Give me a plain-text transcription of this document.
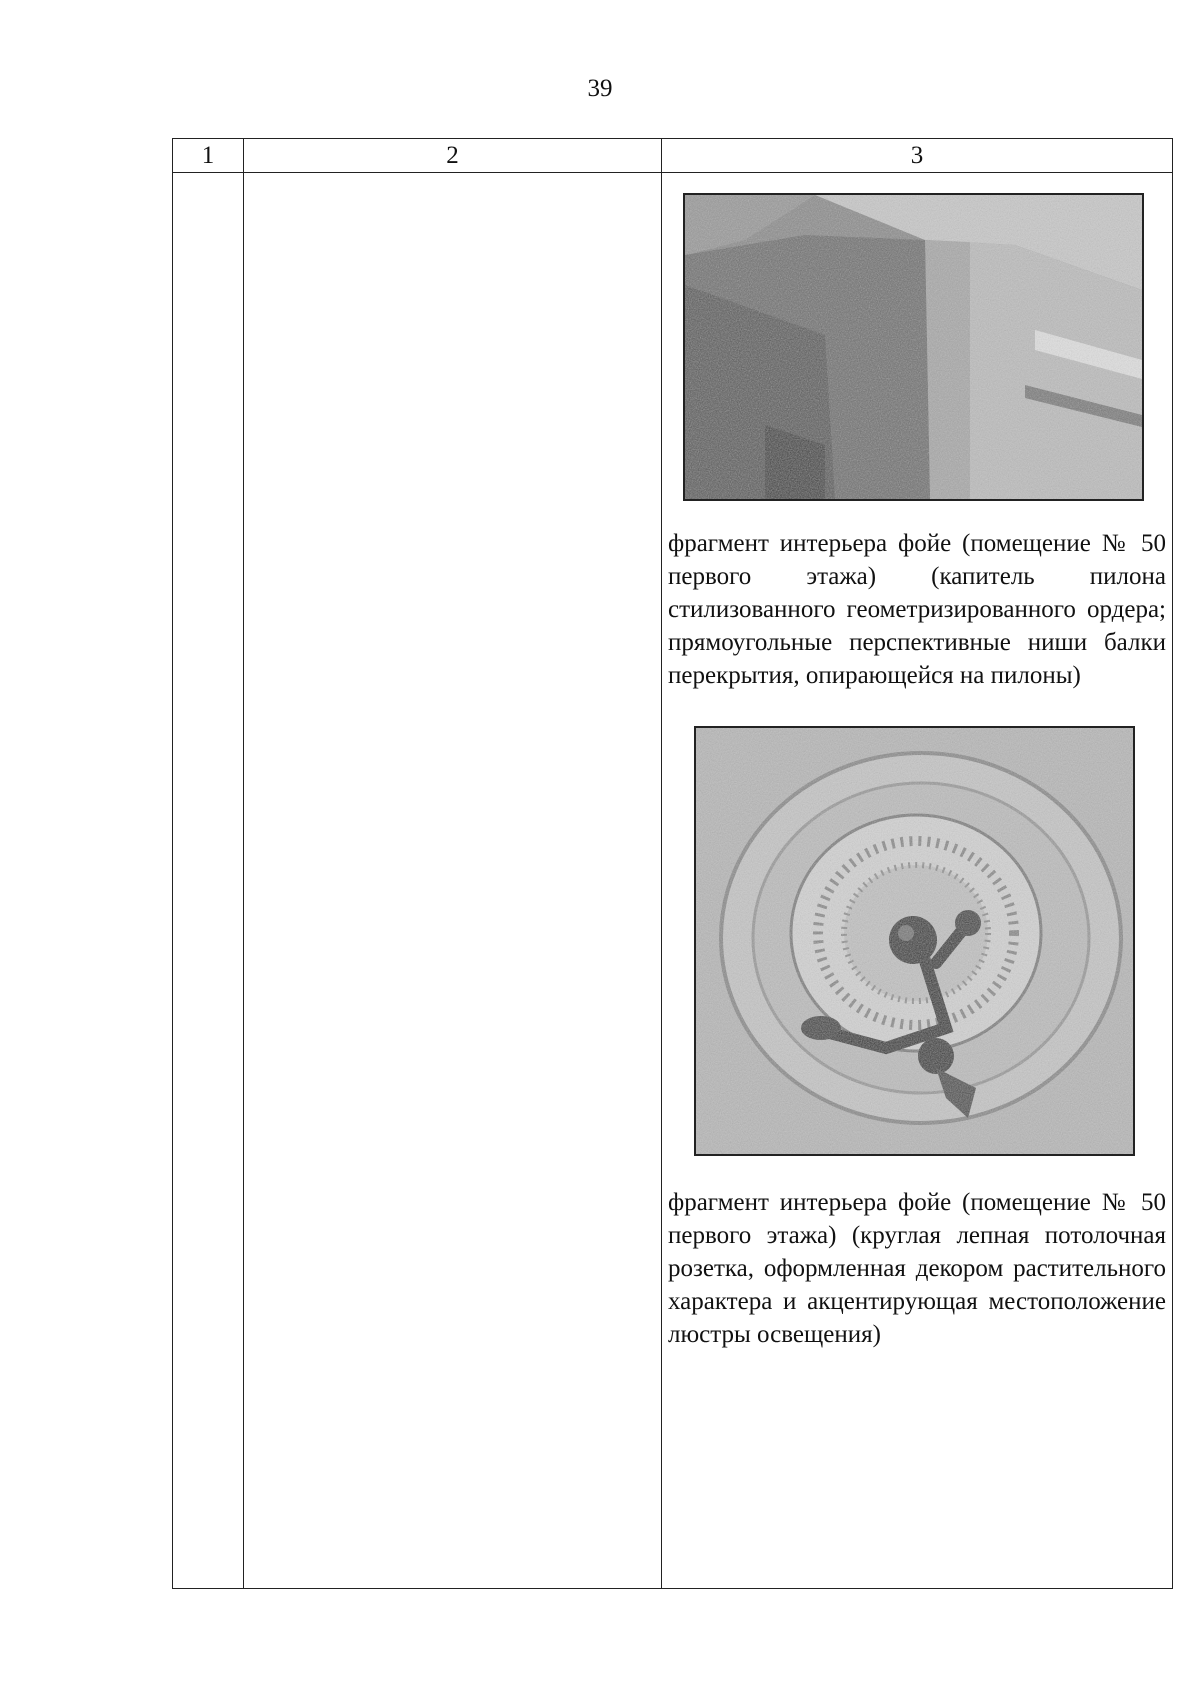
39
1	2	3

		фрагмент интерьера фойе (помещение № 50 первого этажа) (капитель пилона стилизованного геометризированного ордера; прямоугольные перспективные ниши балки перекрытия, опирающейся на пилоны)
фрагмент интерьера фойе (помещение № 50 первого этажа) (круглая лепная потолочная розетка, оформленная декором растительного характера и акцентирующая местоположение люстры освещения)
